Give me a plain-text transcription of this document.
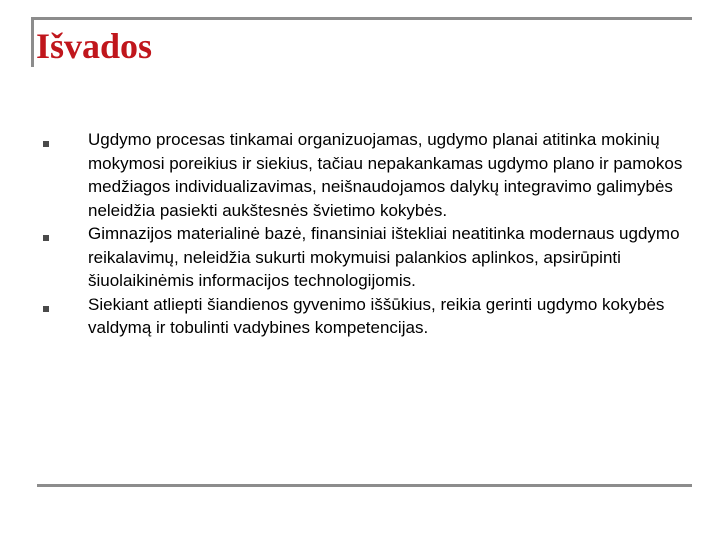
Išvados
Ugdymo procesas tinkamai organizuojamas, ugdymo planai atitinka mokinių mokymosi poreikius ir siekius, tačiau nepakankamas ugdymo plano ir pamokos medžiagos individualizavimas, neišnaudojamos dalykų integravimo galimybės neleidžia pasiekti aukštesnės švietimo kokybės.
Gimnazijos materialinė bazė, finansiniai ištekliai neatitinka modernaus ugdymo reikalavimų, neleidžia sukurti mokymuisi palankios aplinkos, apsirūpinti šiuolaikinėmis informacijos technologijomis.
Siekiant atliepti šiandienos gyvenimo iššūkius, reikia gerinti ugdymo kokybės valdymą ir tobulinti vadybines kompetencijas.
